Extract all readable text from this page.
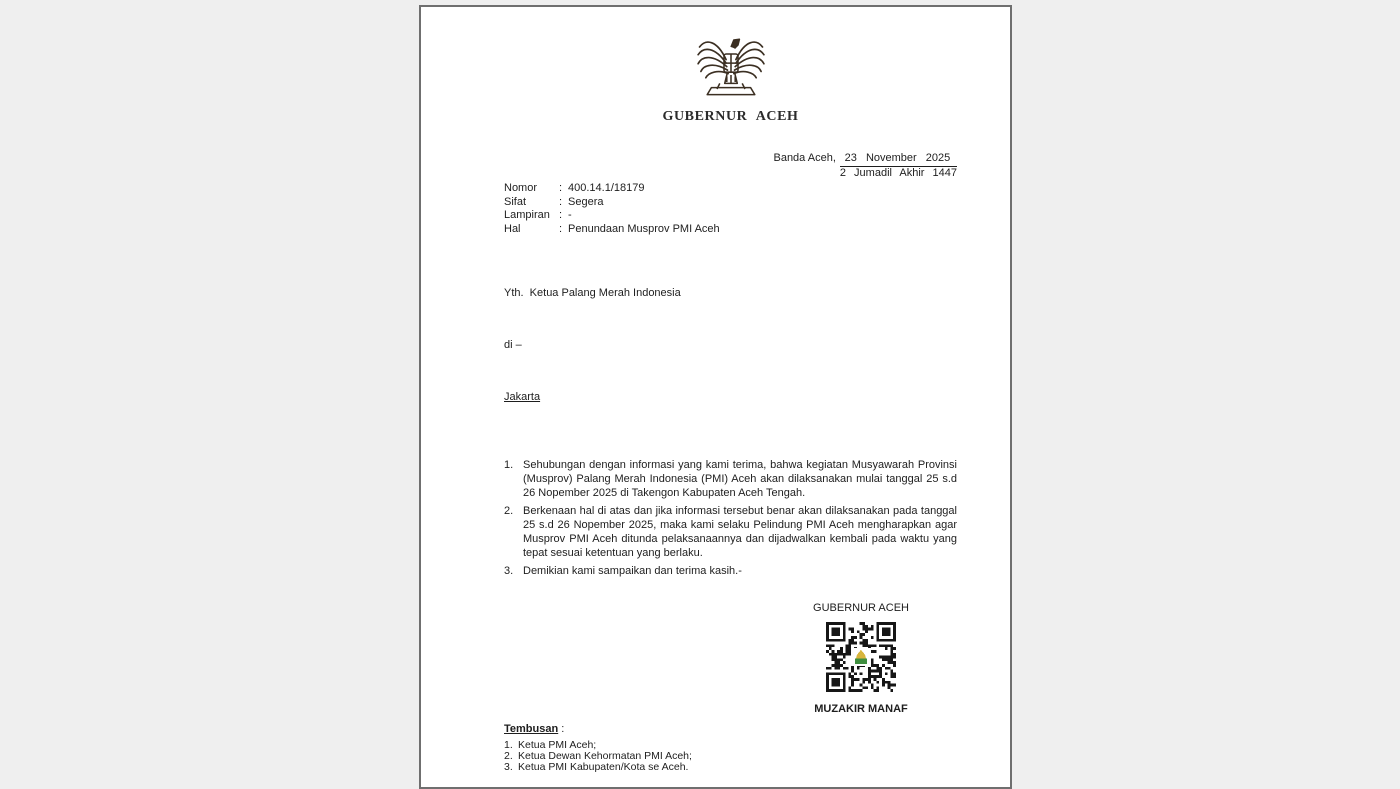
GUBERNUR ACEH
Banda Aceh, 23 November 2025
2 Jumadil Akhir 1447
Nomor	: 400.14.1/18179
Sifat	: Segera
Lampiran : -
Hal	: Penundaan Musprov PMI Aceh

Yth.  Ketua Palang Merah Indonesia

di –

Jakarta

1. Sehubungan dengan informasi yang kami terima, bahwa kegiatan Musyawarah Provinsi (Musprov) Palang Merah Indonesia (PMI) Aceh akan dilaksanakan mulai tanggal 25 s.d 26 Nopember 2025 di Takengon Kabupaten Aceh Tengah.
2. Berkenaan hal di atas dan jika informasi tersebut benar akan dilaksanakan pada tanggal 25 s.d 26 Nopember 2025, maka kami selaku Pelindung PMI Aceh mengharapkan agar Musprov PMI Aceh ditunda pelaksanaannya dan dijadwalkan kembali pada waktu yang tepat sesuai ketentuan yang berlaku.
3. Demikian kami sampaikan dan terima kasih.-
GUBERNUR ACEH
MUZAKIR MANAF
Tembusan :
1. Ketua PMI Aceh;
2. Ketua Dewan Kehormatan PMI Aceh;
3. Ketua PMI Kabupaten/Kota se Aceh.
